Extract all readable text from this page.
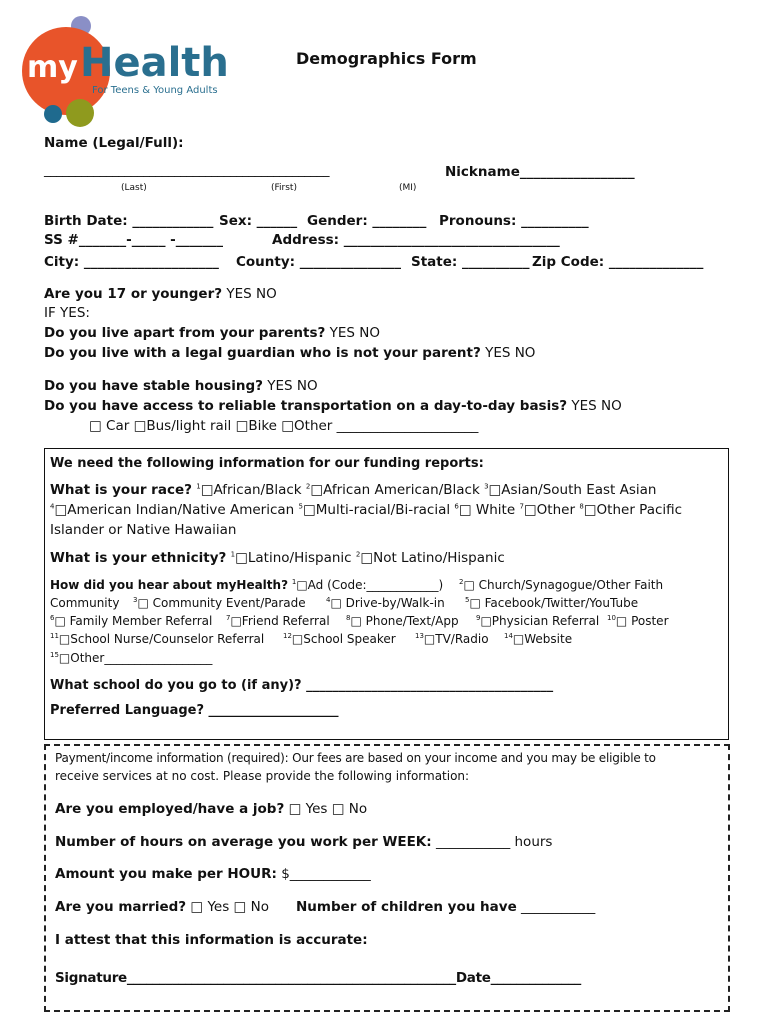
my Health
For Teens & Young Adults
Demographics Form
Name (Legal/Full):
______________________________________________	Nickname_________________
(Last)	(First)	(MI)
Birth Date: ____________ Sex: ______ Gender: ________ Pronouns: __________
SS #_______-_____ -_______	Address: ________________________________
City: ____________________ County: _______________ State: __________ Zip Code: ______________
Are you 17 or younger? YES NO
IF YES:
Do you live apart from your parents? YES NO
Do you live with a legal guardian who is not your parent? YES NO
Do you have stable housing? YES NO
Do you have access to reliable transportation on a day-to-day basis? YES NO
□ Car □Bus/light rail □Bike □Other _____________________
We need the following information for our funding reports:
What is your race? $^1$□African/Black $^2$□African American/Black $^3$□Asian/South East Asian
$^4$□American Indian/Native American $^5$□Multi-racial/Bi-racial $^6$□ White $^7$□Other $^8$□Other Pacific
Islander or Native Hawaiian
What is your ethnicity? $^1$□Latino/Hispanic $^2$□Not Latino/Hispanic
How did you hear about myHealth? $^1$□Ad (Code:____________) $^2$□ Church/Synagogue/Other Faith
Community $^3$□ Community Event/Parade	$^4$□ Drive-by/Walk-in	$^5$□ Facebook/Twitter/YouTube
$^6$□ Family Member Referral $^7$□Friend Referral $^8$□ Phone/Text/App $^9$□Physician Referral $^{10}$□ Poster
$^{11}$□School Nurse/Counselor Referral	$^{12}$□School Speaker	$^{13}$□TV/Radio $^{14}$□Website
$^{15}$□Other__________________
What school do you go to (if any)? ______________________________________
Preferred Language? ____________________
Payment/income information (required): Our fees are based on your income and you may be eligible to
receive services at no cost. Please provide the following information:
Are you employed/have a job? □ Yes □ No
Number of hours on average you work per WEEK: ___________ hours
Amount you make per HOUR: $____________
Are you married? □ Yes □ No Number of children you have ___________
I attest that this information is accurate:
Signature___________________________________________________Date______________
